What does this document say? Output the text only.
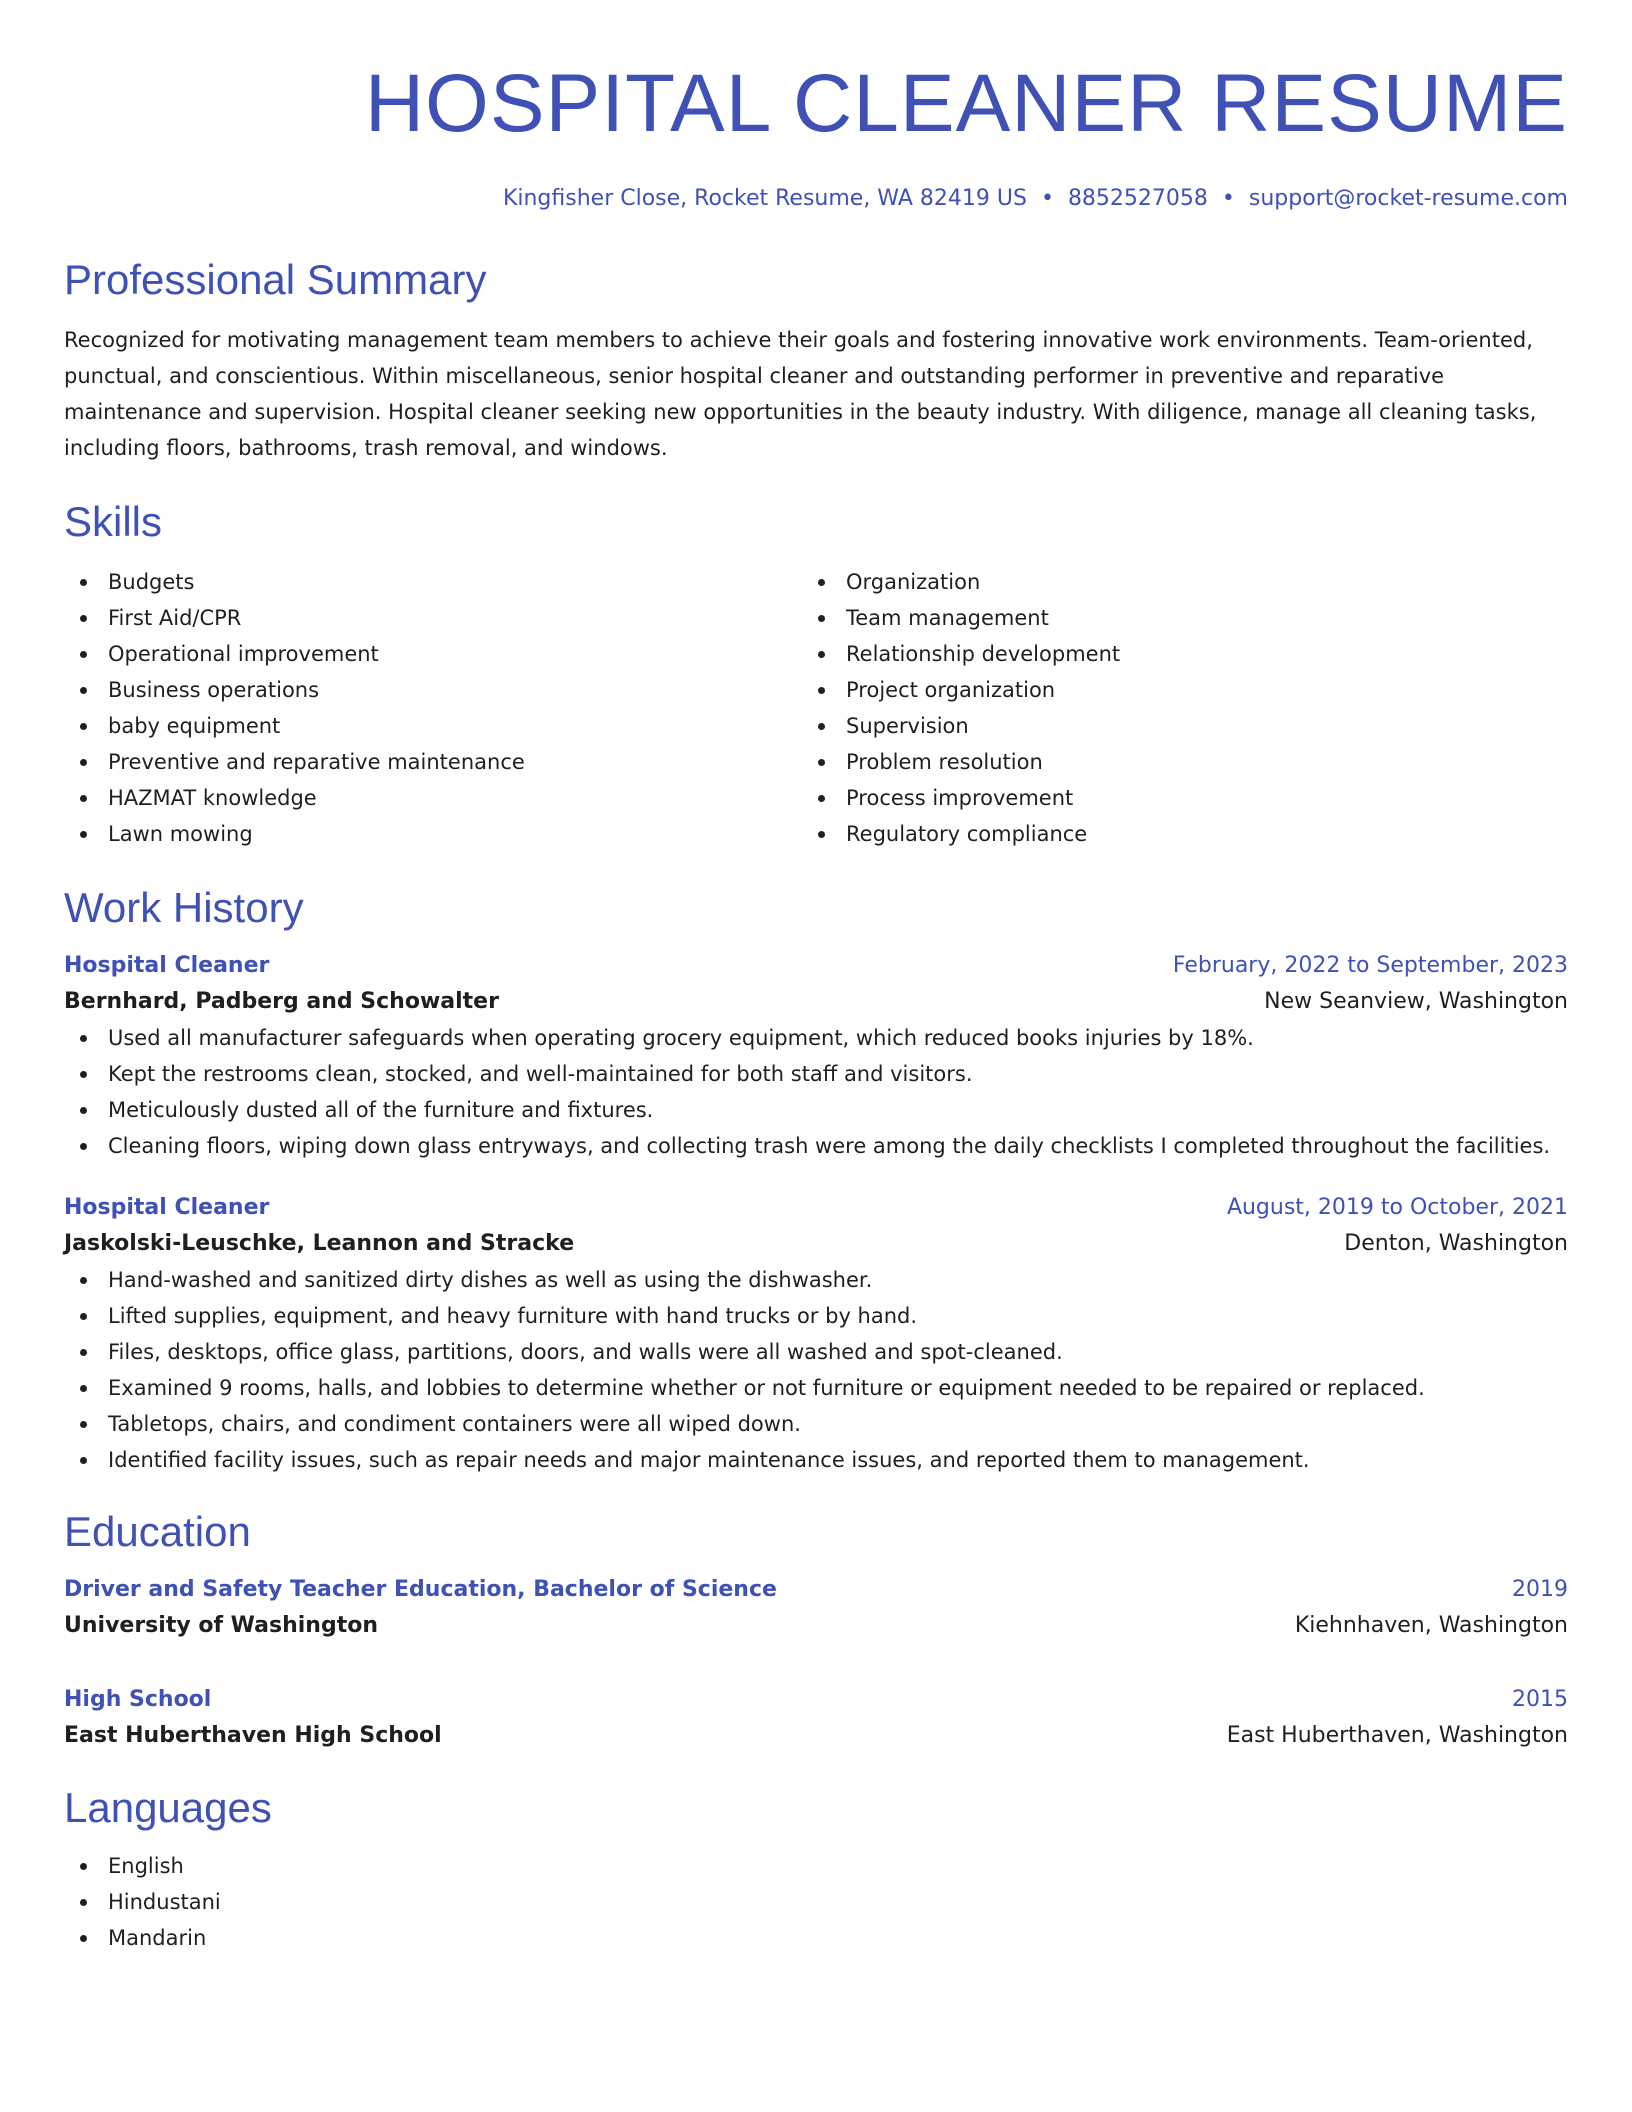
HOSPITAL CLEANER RESUME
Kingfisher Close, Rocket Resume, WA 82419 US • 8852527058 • support@rocket-resume.com
Professional Summary

Recognized for motivating management team members to achieve their goals and fostering innovative work environments. Team-oriented, punctual, and conscientious. Within miscellaneous, senior hospital cleaner and outstanding performer in preventive and reparative maintenance and supervision. Hospital cleaner seeking new opportunities in the beauty industry. With diligence, manage all cleaning tasks, including floors, bathrooms, trash removal, and windows.

Skills
Budgets
First Aid/CPR
Operational improvement
Business operations
baby equipment
Preventive and reparative maintenance
HAZMAT knowledge
Lawn mowing
Organization
Team management
Relationship development
Project organization
Supervision
Problem resolution
Process improvement
Regulatory compliance
Work History
Hospital Cleaner	February, 2022 to September, 2023
Bernhard, Padberg and Schowalter	New Seanview, Washington
Used all manufacturer safeguards when operating grocery equipment, which reduced books injuries by 18%.
Kept the restrooms clean, stocked, and well-maintained for both staff and visitors.
Meticulously dusted all of the furniture and fixtures.
Cleaning floors, wiping down glass entryways, and collecting trash were among the daily checklists I completed throughout the facilities.
Hospital Cleaner	August, 2019 to October, 2021
Jaskolski-Leuschke, Leannon and Stracke	Denton, Washington
Hand-washed and sanitized dirty dishes as well as using the dishwasher.
Lifted supplies, equipment, and heavy furniture with hand trucks or by hand.
Files, desktops, office glass, partitions, doors, and walls were all washed and spot-cleaned.
Examined 9 rooms, halls, and lobbies to determine whether or not furniture or equipment needed to be repaired or replaced.
Tabletops, chairs, and condiment containers were all wiped down.
Identified facility issues, such as repair needs and major maintenance issues, and reported them to management.
Education
Driver and Safety Teacher Education, Bachelor of Science	2019
University of Washington	Kiehnhaven, Washington
High School	2015
East Huberthaven High School	East Huberthaven, Washington
Languages
English
Hindustani
Mandarin
